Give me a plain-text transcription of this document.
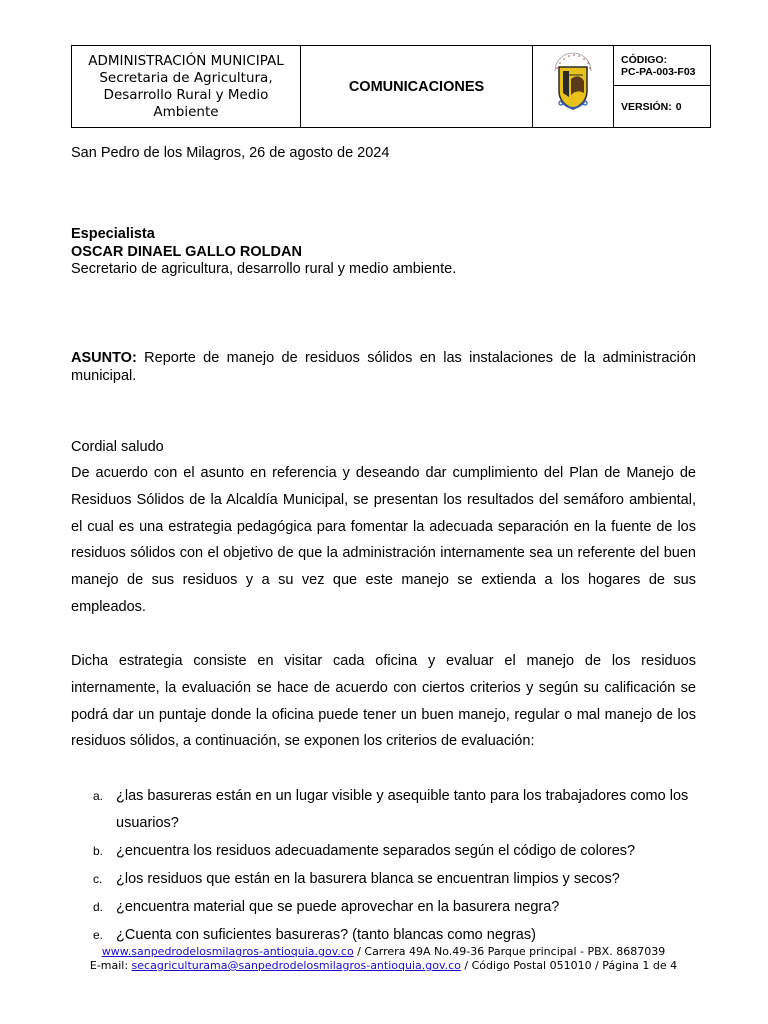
ADMINISTRACIÓN MUNICIPAL
Secretaria de Agricultura,
Desarrollo Rural y Medio
Ambiente
	COMUNICACIONES		
CÓDIGO:
PC-PA-003-F03
VERSIÓN: 0
San Pedro de los Milagros, 26 de agosto de 2024
Especialista
OSCAR DINAEL GALLO ROLDAN
Secretario de agricultura, desarrollo rural y medio ambiente.
ASUNTO: Reporte de manejo de residuos sólidos en las instalaciones de la administración municipal.
Cordial saludo
De acuerdo con el asunto en referencia y deseando dar cumplimiento del Plan de Manejo de Residuos Sólidos de la Alcaldía Municipal, se presentan los resultados del semáforo ambiental, el cual es una estrategia pedagógica para fomentar la adecuada separación en la fuente de los residuos sólidos con el objetivo de que la administración internamente sea un referente del buen manejo de sus residuos y a su vez que este manejo se extienda a los hogares de sus empleados.
Dicha estrategia consiste en visitar cada oficina y evaluar el manejo de los residuos internamente, la evaluación se hace de acuerdo con ciertos criterios y según su calificación se podrá dar un puntaje donde la oficina puede tener un buen manejo, regular o mal manejo de los residuos sólidos, a continuación, se exponen los criterios de evaluación:
a. ¿las basureras están en un lugar visible y asequible tanto para los trabajadores como los usuarios?
b. ¿encuentra los residuos adecuadamente separados según el código de colores?
c. ¿los residuos que están en la basurera blanca se encuentran limpios y secos?
d. ¿encuentra material que se puede aprovechar en la basurera negra?
e. ¿Cuenta con suficientes basureras? (tanto blancas como negras)
www.sanpedrodelosmilagros-antioquia.gov.co / Carrera 49A No.49-36 Parque principal - PBX. 8687039
E-mail: secagriculturama@sanpedrodelosmilagros-antioquia.gov.co / Código Postal 051010 / Página 1 de 4
